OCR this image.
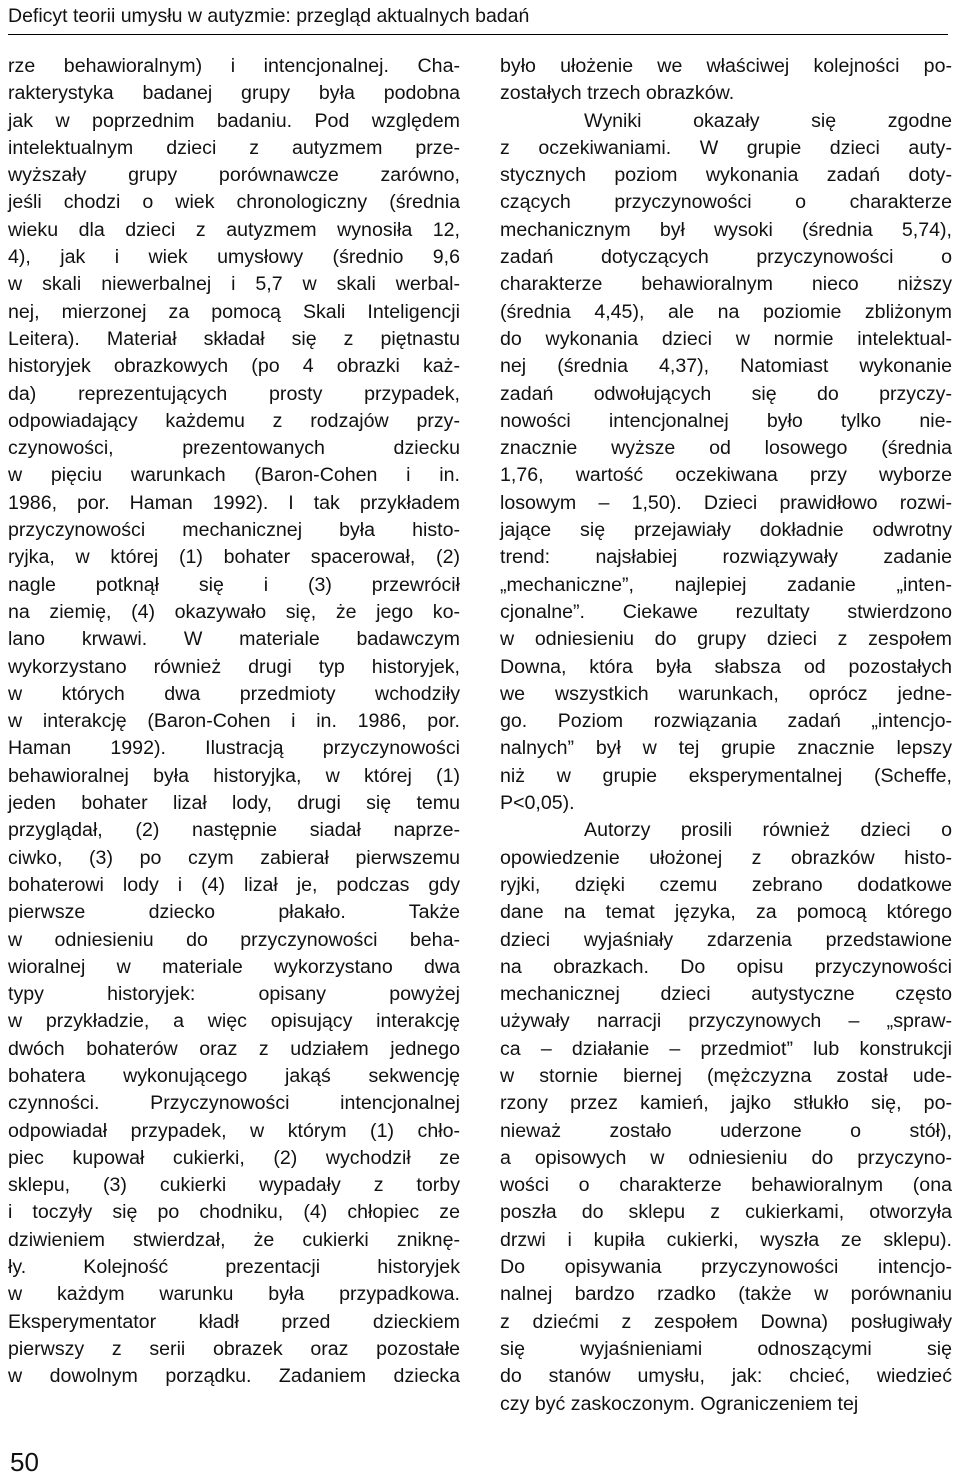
Deficyt teorii umysłu w autyzmie: przegląd aktualnych badań
rze behawioralnym) i intencjonalnej. Cha-
rakterystyka badanej grupy była podobna
jak w poprzednim badaniu. Pod względem
intelektualnym dzieci z autyzmem prze-
wyższały grupy porównawcze zarówno,
jeśli chodzi o wiek chronologiczny (średnia
wieku dla dzieci z autyzmem wynosiła 12,
4), jak i wiek umysłowy (średnio 9,6
w skali niewerbalnej i 5,7 w skali werbal-
nej, mierzonej za pomocą Skali Inteligencji
Leitera). Materiał składał się z piętnastu
historyjek obrazkowych (po 4 obrazki każ-
da) reprezentujących prosty przypadek,
odpowiadający każdemu z rodzajów przy-
czynowości, prezentowanych dziecku
w pięciu warunkach (Baron-Cohen i in.
1986, por. Haman 1992). I tak przykładem
przyczynowości mechanicznej była histo-
ryjka, w której (1) bohater spacerował, (2)
nagle potknął się i (3) przewrócił
na ziemię, (4) okazywało się, że jego ko-
lano krwawi. W materiale badawczym
wykorzystano również drugi typ historyjek,
w których dwa przedmioty wchodziły
w interakcję (Baron-Cohen i in. 1986, por.
Haman 1992). Ilustracją przyczynowości
behawioralnej była historyjka, w której (1)
jeden bohater lizał lody, drugi się temu
przyglądał, (2) następnie siadał naprze-
ciwko, (3) po czym zabierał pierwszemu
bohaterowi lody i (4) lizał je, podczas gdy
pierwsze dziecko płakało. Także
w odniesieniu do przyczynowości beha-
wioralnej w materiale wykorzystano dwa
typy historyjek: opisany powyżej
w przykładzie, a więc opisujący interakcję
dwóch bohaterów oraz z udziałem jednego
bohatera wykonującego jakąś sekwencję
czynności. Przyczynowości intencjonalnej
odpowiadał przypadek, w którym (1) chło-
piec kupował cukierki, (2) wychodził ze
sklepu, (3) cukierki wypadały z torby
i toczyły się po chodniku, (4) chłopiec ze
dziwieniem stwierdzał, że cukierki zniknę-
ły. Kolejność prezentacji historyjek
w każdym warunku była przypadkowa.
Eksperymentator kładł przed dzieckiem
pierwszy z serii obrazek oraz pozostałe
w dowolnym porządku. Zadaniem dziecka
było ułożenie we właściwej kolejności po-
zostałych trzech obrazków.
Wyniki okazały się zgodne
z oczekiwaniami. W grupie dzieci auty-
stycznych poziom wykonania zadań doty-
czących przyczynowości o charakterze
mechanicznym był wysoki (średnia 5,74),
zadań dotyczących przyczynowości o
charakterze behawioralnym nieco niższy
(średnia 4,45), ale na poziomie zbliżonym
do wykonania dzieci w normie intelektual-
nej (średnia 4,37), Natomiast wykonanie
zadań odwołujących się do przyczy-
nowości intencjonalnej było tylko nie-
znacznie wyższe od losowego (średnia
1,76, wartość oczekiwana przy wyborze
losowym – 1,50). Dzieci prawidłowo rozwi-
jające się przejawiały dokładnie odwrotny
trend: najsłabiej rozwiązywały zadanie
„mechaniczne”, najlepiej zadanie „inten-
cjonalne”. Ciekawe rezultaty stwierdzono
w odniesieniu do grupy dzieci z zespołem
Downa, która była słabsza od pozostałych
we wszystkich warunkach, oprócz jedne-
go. Poziom rozwiązania zadań „intencjo-
nalnych” był w tej grupie znacznie lepszy
niż w grupie eksperymentalnej (Scheffe,
P<0,05).
Autorzy prosili również dzieci o
opowiedzenie ułożonej z obrazków histo-
ryjki, dzięki czemu zebrano dodatkowe
dane na temat języka, za pomocą którego
dzieci wyjaśniały zdarzenia przedstawione
na obrazkach. Do opisu przyczynowości
mechanicznej dzieci autystyczne często
używały narracji przyczynowych – „spraw-
ca – działanie – przedmiot” lub konstrukcji
w stornie biernej (mężczyzna został ude-
rzony przez kamień, jajko stłukło się, po-
nieważ zostało uderzone o stół),
a opisowych w odniesieniu do przyczyno-
wości o charakterze behawioralnym (ona
poszła do sklepu z cukierkami, otworzyła
drzwi i kupiła cukierki, wyszła ze sklepu).
Do opisywania przyczynowości intencjo-
nalnej bardzo rzadko (także w porównaniu
z dziećmi z zespołem Downa) posługiwały
się wyjaśnieniami odnoszącymi się
do stanów umysłu, jak: chcieć, wiedzieć
czy być zaskoczonym. Ograniczeniem tej
50
